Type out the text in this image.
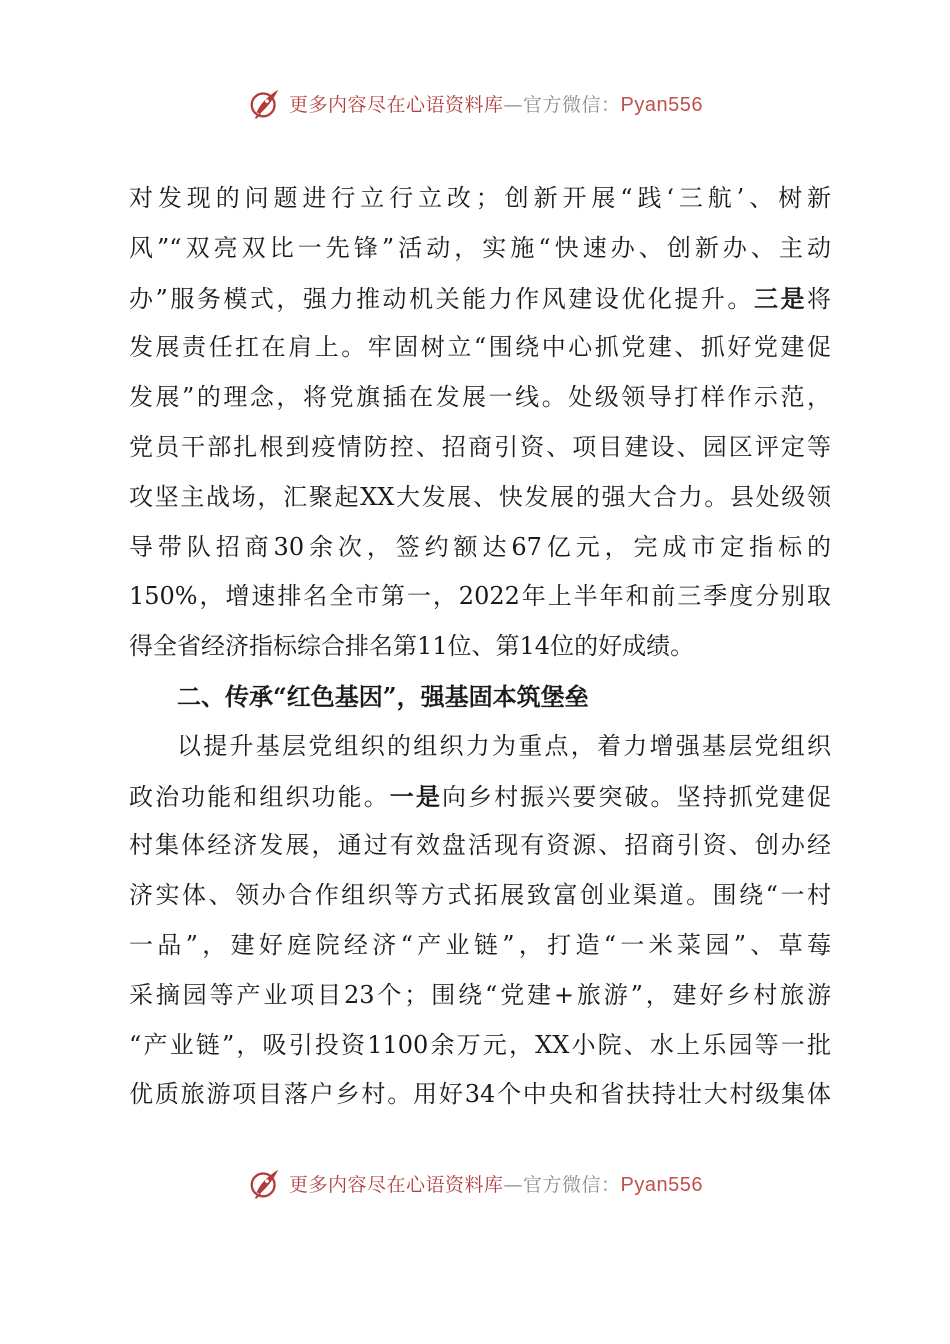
更多内容尽在心语资料库—官方微信：Pyan556
对发现的问题进行立行立改；创新开展“践‘三航’、树新
风”“双亮双比一先锋”活动，实施“快速办、创新办、主动
办”服务模式，强力推动机关能力作风建设优化提升。三是将
发展责任扛在肩上。牢固树立“围绕中心抓党建、抓好党建促
发展”的理念，将党旗插在发展一线。处级领导打样作示范，
党员干部扎根到疫情防控、招商引资、项目建设、园区评定等
攻坚主战场，汇聚起XX大发展、快发展的强大合力。县处级领
导带队招商30余次，签约额达67亿元，完成市定指标的
150%，增速排名全市第一，2022年上半年和前三季度分别取
得全省经济指标综合排名第11位、第14位的好成绩。
二、传承“红色基因”，强基固本筑堡垒
以提升基层党组织的组织力为重点，着力增强基层党组织
政治功能和组织功能。一是向乡村振兴要突破。坚持抓党建促
村集体经济发展，通过有效盘活现有资源、招商引资、创办经
济实体、领办合作组织等方式拓展致富创业渠道。围绕“一村
一品”，建好庭院经济“产业链”，打造“一米菜园”、草莓
采摘园等产业项目23个；围绕“党建+旅游”，建好乡村旅游
“产业链”，吸引投资1100余万元，XX小院、水上乐园等一批
优质旅游项目落户乡村。用好34个中央和省扶持壮大村级集体
更多内容尽在心语资料库—官方微信：Pyan556
